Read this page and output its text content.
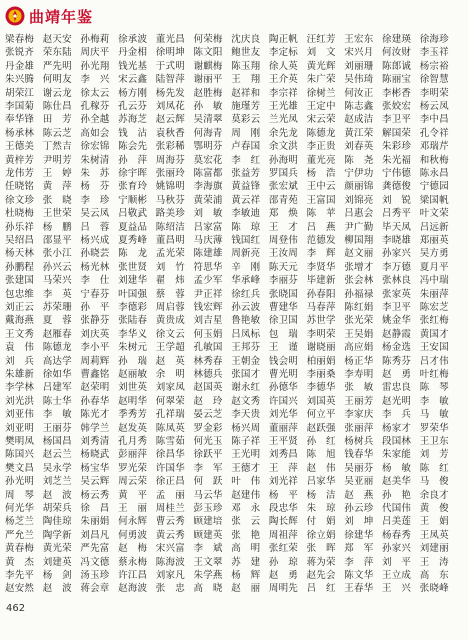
曲靖年鉴
梁春梅 赵天安 孙梅莉 徐承波 董光昌 何荣梅 沈庆良 陶正帆 汪红芳 王宏东 徐建瑛 徐海珍
张锐齐 荣东陆 周庆平 丹金相 徐明坤 陈文阳 鲍世友 李定标 刘　文 宋兴月 何汝财 李玉祥
丹金雄 严先明 孙光翔 钱光基 于式明 谢麒梅 陈玉翔 徐人英 黄光辉 刘丽珊 陈郎诚 杨宗裕
朱兴腾 何明友 李　兴 宋云鑫 陆智萍 谢丽平 王　翔 王介英 朱广荣 吴伟琦 陈丽宝 徐智慧
胡荣江 谢云龙 徐太云 杨方刚 杨先发 赵胜梅 赵祥和 李宗祥 徐树兰 何汝正 李彬香 李明荣
李国菊 陈仕昌 孔稼芬 孔云芬 刘凤花 孙　敏 施瑾芳 王光雄 王定中 陈志鑫 张姣宏 杨云凤
奉华锋 田　芳 孙全越 苏海芝 赵云辉 吴清翠 莫彩云 兰光凤 宋云荣 赵成洁 李卫平 李中昌
杨承林 陈云芝 高如会 钱　沾 袁秋香 何海青 周　刚 余先龙 陈德龙 黄江荣 解国荣 孔令祥
王德美 丁然吉 徐宏锦 陈会先 张彩稀 鄂明芬 卢春国 余文洪 李正贵 刘春英 朱彩珍 邓瑞芹
黄梓芳 尹明芳 朱树清 孙　萍 周海芬 莫宏花 李　红 孙海明 董光亮 陈　尧 朱光福 和秋梅
龙伟芳 王　婷 朱　苏 徐宇晖 张丽玲 陈富都 张益芳 罗国兵 杨　浩 宁伊功 宁伟德 陈永昌
任晓铭 黄　萍 杨　芬 张育玲 姚锦明 李海旗 黄益锋 张宏斌 王中云 颜丽锦 龚德俊 宁德园
徐文珍 张　晓 李　珍 宁顺彬 马秋芬 黄荣浦 黄云祥 邵青苑 王富国 刘锦亮 刘　锐 梁国帆
杜晓梅 王世荣 吴云凤 吕敬武 路美珍 刘　敏 李敏迪 郑　焕 陈　苹 吕惠会 吕秀平 叶文荣
孙乐祥 杨　鹏 吕　蓉 夏益品 陈绍洁 吕家富 陈　琼 王　才 吕　燕 尹广勤 毕天凤 吕远新
吴绍昌 邵显平 杨兴成 夏秀峰 董昌明 马庆薄 钱国红 周登伟 范德发 柳国翔 李晓雄 郑丽英
杨天林 张小江 孙晓芸 陈　龙 孟光荣 陈建雄 周新亮 王汝周 李　辉 赵文丽 孙家兴 吴方勇
孙鹏程 孙兴云 杨光林 张世贤 刘　竹 符思华 辛　刚 陈天元 李贤华 张增才 李万德 夏月平
张建国 马荣兴 李　仕 刘建华 翟　炜 孟少军 华承峰 李丽芬 毕建新 张会林 张林良 冯中瑞
包忠维 李　英 宁春芬 叶国强 蔡　蓉 尹正祥 徐红兵 张晓国 孙春阳 孙福禄 张家英 朱丽萍
刘正云 苏荣珊 孙　平 李德彩 周启蓉 钱宏辉 孙云波 曹建华 马春萍 陈红娟 李卫平 陈宏芝
戴海燕 夏　蓉 张静芬 张陆春 黄贵成 刘吉星 鲁艳敏 徐卫国 苏世学 张光荣 姚金华 张红梅
王文秀 赵雁春 刘庆英 李华义 徐文云 何玉娟 吕凤标 包　瑞 李明荣 王吴娟 赵静霞 黄国才
袁　伟 陈德龙 李小平 朱树元 王学超 孔敏国 王邦芬 王　谨 谢晓丽 高应娟 杨金选 王安国
刘　兵 高达学 周莉辉 孙　瑞 赵　英 林秀春 王朝金 钱会明 柏丽娟 杨正华 陈秀芬 吕才伟
朱雄新 徐如华 曹鑫铭 赵丽敏 余　明 林德兵 张国才 曹光明 李丽桑 李寿明 赵　勇 叶红梅
李学林 吕建军 赵荣明 刘世英 刘家凤 赵国英 谢永红 孙德华 李德华 张　敏 雷忠良 陈　琴
刘光洪 陈士华 孙春华 赵明华 何翠荣 赵　玲 赵文秀 许国兴 刘国英 王丽芳 赵光明 李　敏
刘亚伟 李　敏 陈光才 季秀芳 孔祥瑞 晏云芝 李天贵 刘光华 何立平 李家庆 李　兵 马　敏
刘亚明 王丽芬 韩学兰 赵发英 陈凤英 罗金彩 杨兴周 董丽萍 赵跃强 张丽萍 杨家才 罗荣华
樊明凤 杨国昌 刘秀清 孔月秀 陈雪茹 何光玉 陈子祥 王平贤 孙　红 杨树兵 段国林 王卫东
陈国兴 赵云兰 杨晓武 彭丽萍 徐昌华 徐跃平 王光明 刘秀昌 陈　旭 钱春华 朱家能 刘　芳
樊文昌 吴永学 杨宝华 罗光荣 许国华 李　军 王德才 王　萍 赵　伟 吴丽芬 杨　敏 陈　红
孙光明 刘芝兰 吴云辉 周云荣 徐正昌 何　跃 叶　伟 刘光祥 吕家华 吴亚丽 赵美华 马　俊
周　琴 赵　波 杨云秀 黄　平 孟　丽 马云华 赵建伟 杨　平 杨　洁 赵　燕 孙　艳 余良才
何光华 胡荣兵 徐　昌 王　丽 周桂兰 彭玉珍 邓　永 段忠华 朱　琼 孙云珍 代国伟 黄　俊
杨芝兰 陶佳琼 朱丽娟 何永辉 曹云秀 顾建培 张　云 陶长辉 付　娟 刘　坤 吕美莲 王　娟
严允兰 陶学新 刘昌凡 何勇波 黄云秀 顾建英 张　艳 周祖萍 徐立娟 徐建华 杨春秀 王凤英
黄春梅 黄光荣 严先富 赵　梅 宋兴富 李　斌 高　明 张红荣 张　晖 郑　军 孙家兴 刘建丽
黄　杰 刘建英 冯文德 蔡永梅 陈海波 王文翠 苏　建 孙　琼 蒋为荣 李　萍 刘　平 王　涛
李先平 杨　剑 汤玉珍 许江昌 刘家凡 朱学燕 杨　辉 赵　勇 赵先会 陈文华 王立成 高　东
赵安然 赵　波 蒋会章 赵海波 张　忠 高　晓 赵　丽 周明先 吕　红 王春华 王　兴 张晓峰
462
